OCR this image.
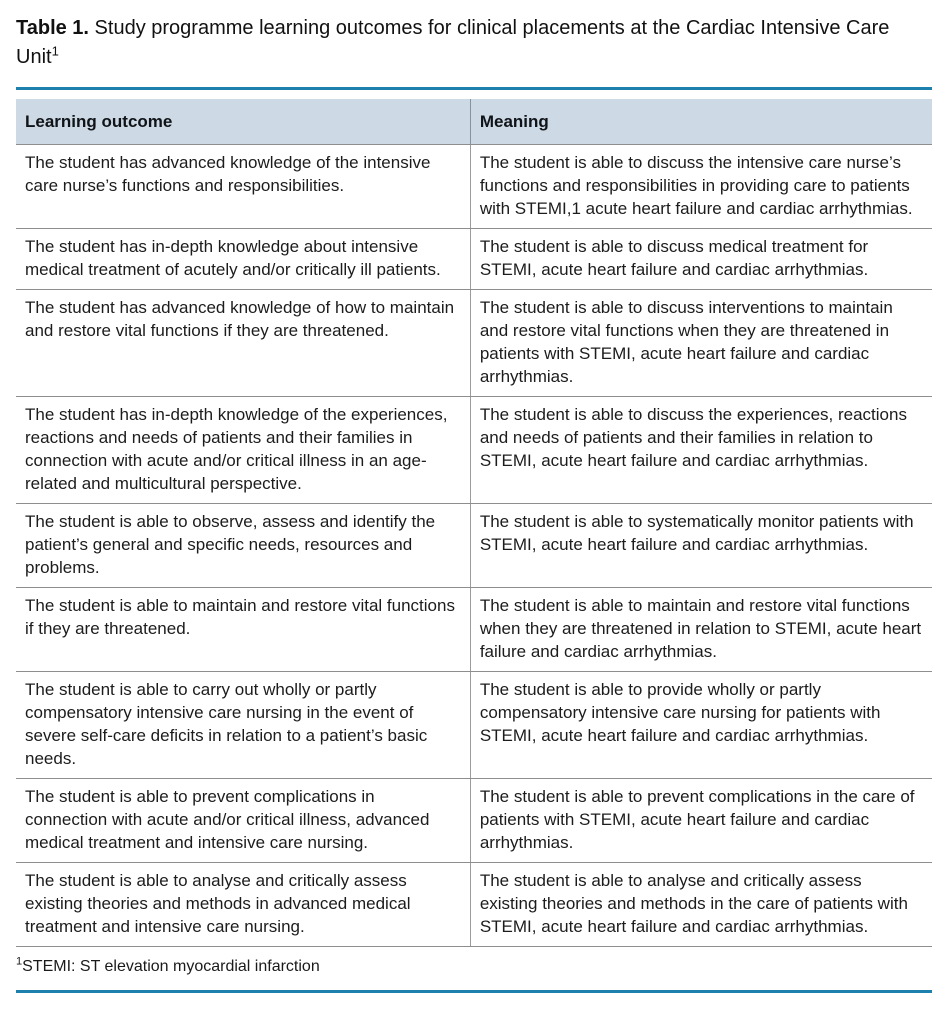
Table 1. Study programme learning outcomes for clinical placements at the Cardiac Intensive Care Unit$^1$

Learning outcome	Meaning
The student has advanced knowledge of the intensive care nurse’s functions and responsibilities.	The student is able to discuss the intensive care nurse’s functions and responsibilities in providing care to patients with STEMI,1 acute heart failure and cardiac arrhythmias.
The student has in-depth knowledge about intensive medical treatment of acutely and/or critically ill patients.	The student is able to discuss medical treatment for STEMI, acute heart failure and cardiac arrhythmias.
The student has advanced knowledge of how to maintain and restore vital functions if they are threatened.	The student is able to discuss interventions to maintain and restore vital functions when they are threatened in patients with STEMI, acute heart failure and cardiac arrhythmias.
The student has in-depth knowledge of the experiences, reactions and needs of patients and their families in connection with acute and/or critical illness in an age-related and multicultural perspective.	The student is able to discuss the experiences, reactions and needs of patients and their families in relation to STEMI, acute heart failure and cardiac arrhythmias.
The student is able to observe, assess and identify the patient’s general and specific needs, resources and problems.	The student is able to systematically monitor patients with STEMI, acute heart failure and cardiac arrhythmias.
The student is able to maintain and restore vital functions if they are threatened.	The student is able to maintain and restore vital functions when they are threatened in relation to STEMI, acute heart failure and cardiac arrhythmias.
The student is able to carry out wholly or partly compensatory intensive care nursing in the event of severe self-care deficits in relation to a patient’s basic needs.	The student is able to provide wholly or partly compensatory intensive care nursing for patients with STEMI, acute heart failure and cardiac arrhythmias.
The student is able to prevent complications in connection with acute and/or critical illness, advanced medical treatment and intensive care nursing.	The student is able to prevent complications in the care of patients with STEMI, acute heart failure and cardiac arrhythmias.
The student is able to analyse and critically assess existing theories and methods in advanced medical treatment and intensive care nursing.	The student is able to analyse and critically assess existing theories and methods in the care of patients with STEMI, acute heart failure and cardiac arrhythmias.
$^1$STEMI: ST elevation myocardial infarction
